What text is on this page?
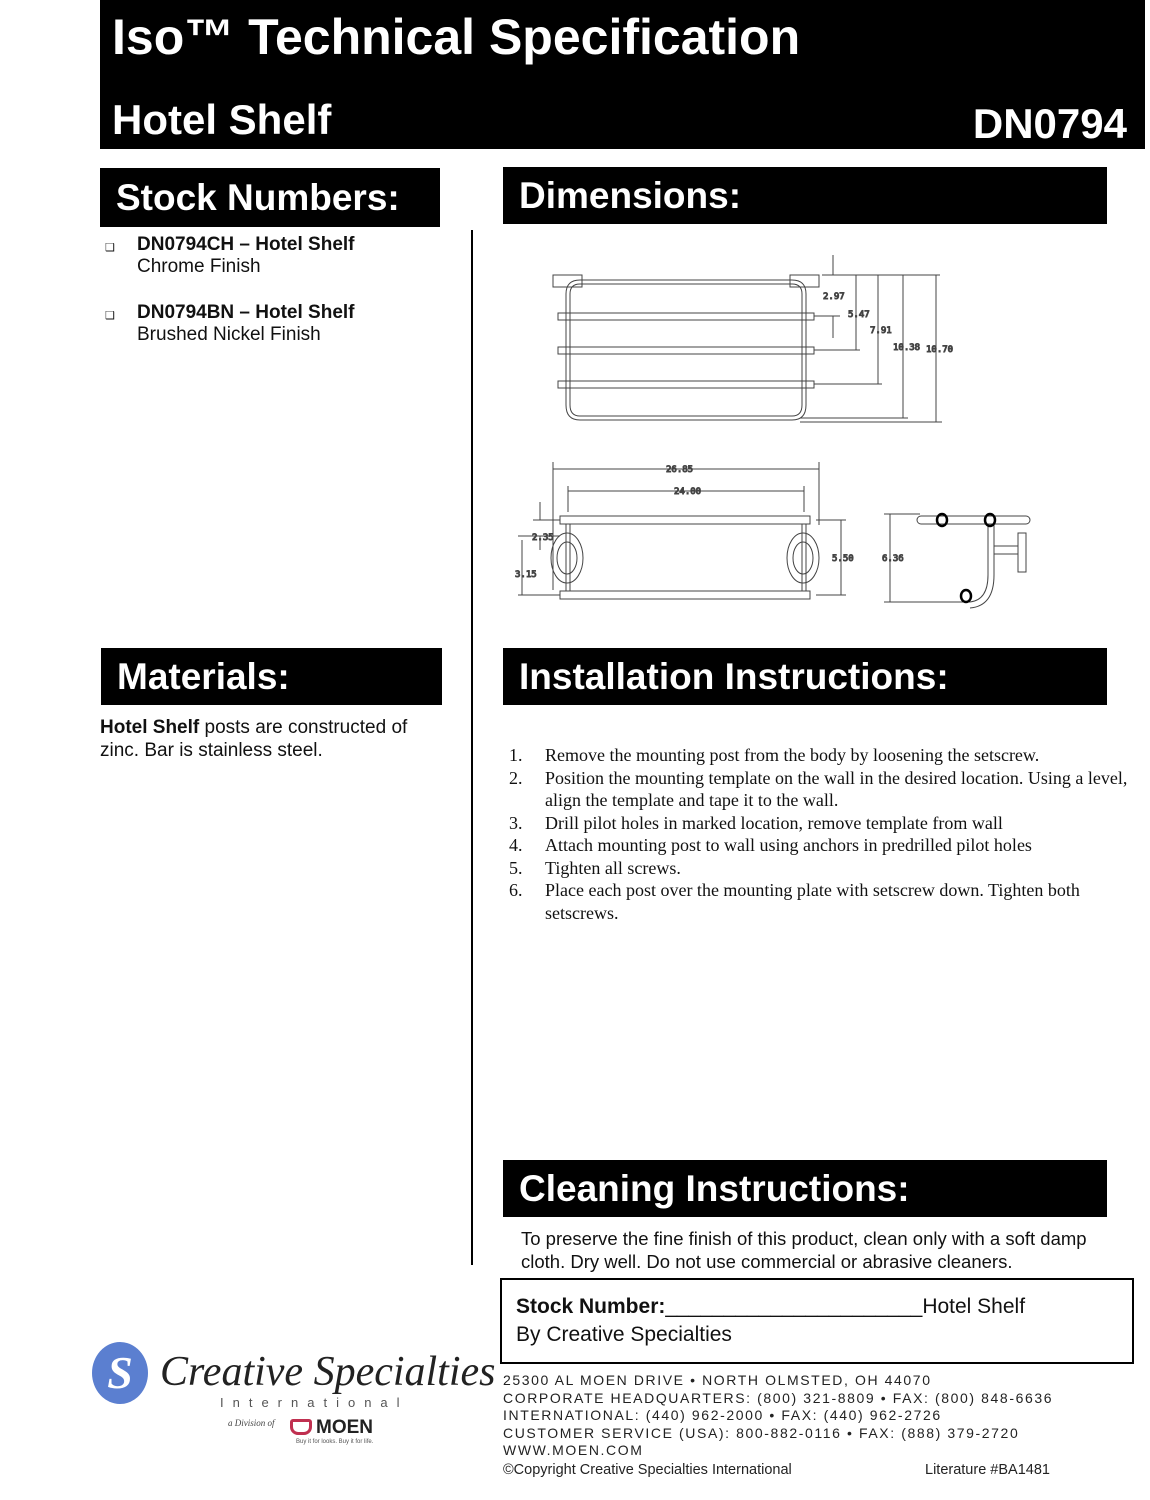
Iso™ Technical Specification
Hotel Shelf	DN0794
Stock Numbers:
❑ DN0794CH – Hotel Shelf
Chrome Finish
❑ DN0794BN – Hotel Shelf
Brushed Nickel Finish
Dimensions:
2.97
5.47
7.91
10.38 10.70
26.85
24.00
2.35
3.15
5.50	6.36
Materials:
Hotel Shelf posts are constructed of zinc. Bar is stainless steel.
Installation Instructions:
1. Remove the mounting post from the body by loosening the setscrew.
2. Position the mounting template on the wall in the desired location. Using a level, align the template and tape it to the wall.
3. Drill pilot holes in marked location, remove template from wall
4. Attach mounting post to wall using anchors in predrilled pilot holes
5. Tighten all screws.
6. Place each post over the mounting plate with setscrew down. Tighten both setscrews.
Cleaning Instructions:
To preserve the fine finish of this product, clean only with a soft damp cloth. Dry well. Do not use commercial or abrasive cleaners.
Stock Number:______________________Hotel Shelf
By Creative Specialties
S Creative Specialties
International
a Division of MOEN
Buy it for looks. Buy it for life.
25300 AL MOEN DRIVE • NORTH OLMSTED, OH 44070
CORPORATE HEADQUARTERS: (800) 321-8809 • FAX: (800) 848-6636
INTERNATIONAL: (440) 962-2000 • FAX: (440) 962-2726
CUSTOMER SERVICE (USA): 800-882-0116 • FAX: (888) 379-2720
WWW.MOEN.COM
©Copyright Creative Specialties International	Literature #BA1481
